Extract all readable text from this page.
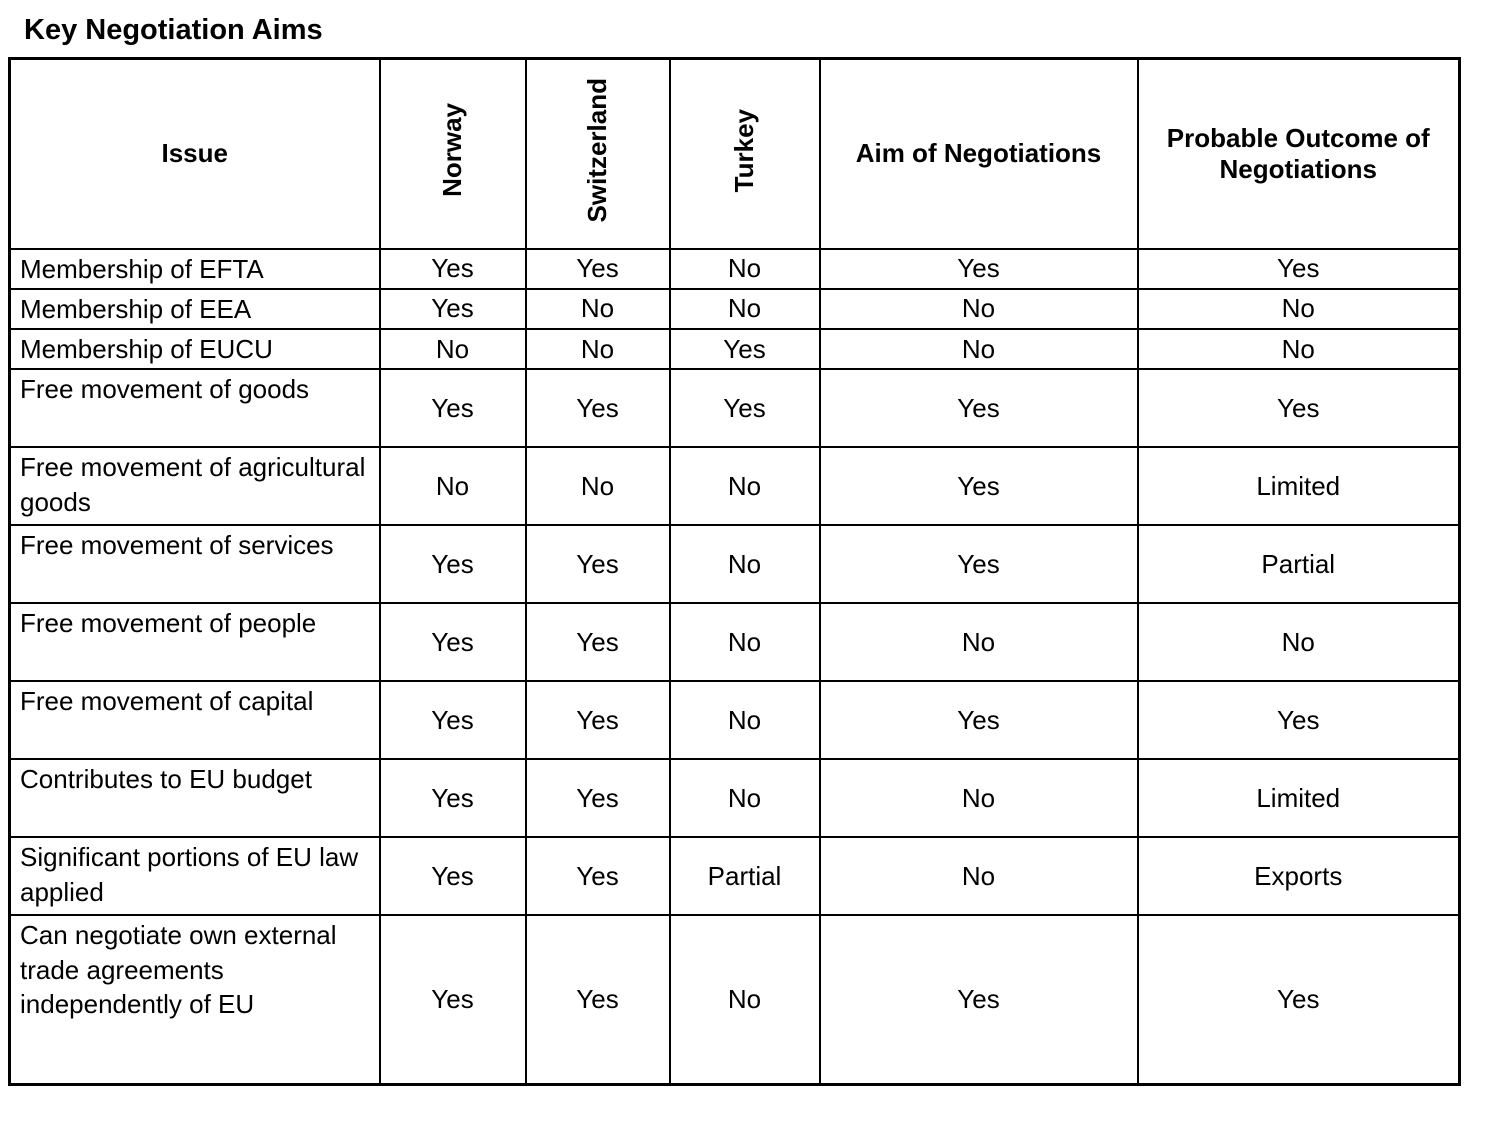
Key Negotiation Aims
Issue	Norway	Switzerland	Turkey	Aim of Negotiations	Probable Outcome of Negotiations
Membership of EFTA	Yes	Yes	No	Yes	Yes
Membership of EEA	Yes	No	No	No	No
Membership of EUCU	No	No	Yes	No	No
Free movement of goods	Yes	Yes	Yes	Yes	Yes
Free movement of agricultural goods	No	No	No	Yes	Limited
Free movement of services	Yes	Yes	No	Yes	Partial
Free movement of people	Yes	Yes	No	No	No
Free movement of capital	Yes	Yes	No	Yes	Yes
Contributes to EU budget	Yes	Yes	No	No	Limited
Significant portions of EU law applied	Yes	Yes	Partial	No	Exports
Can negotiate own external trade agreements independently of EU	Yes	Yes	No	Yes	Yes
